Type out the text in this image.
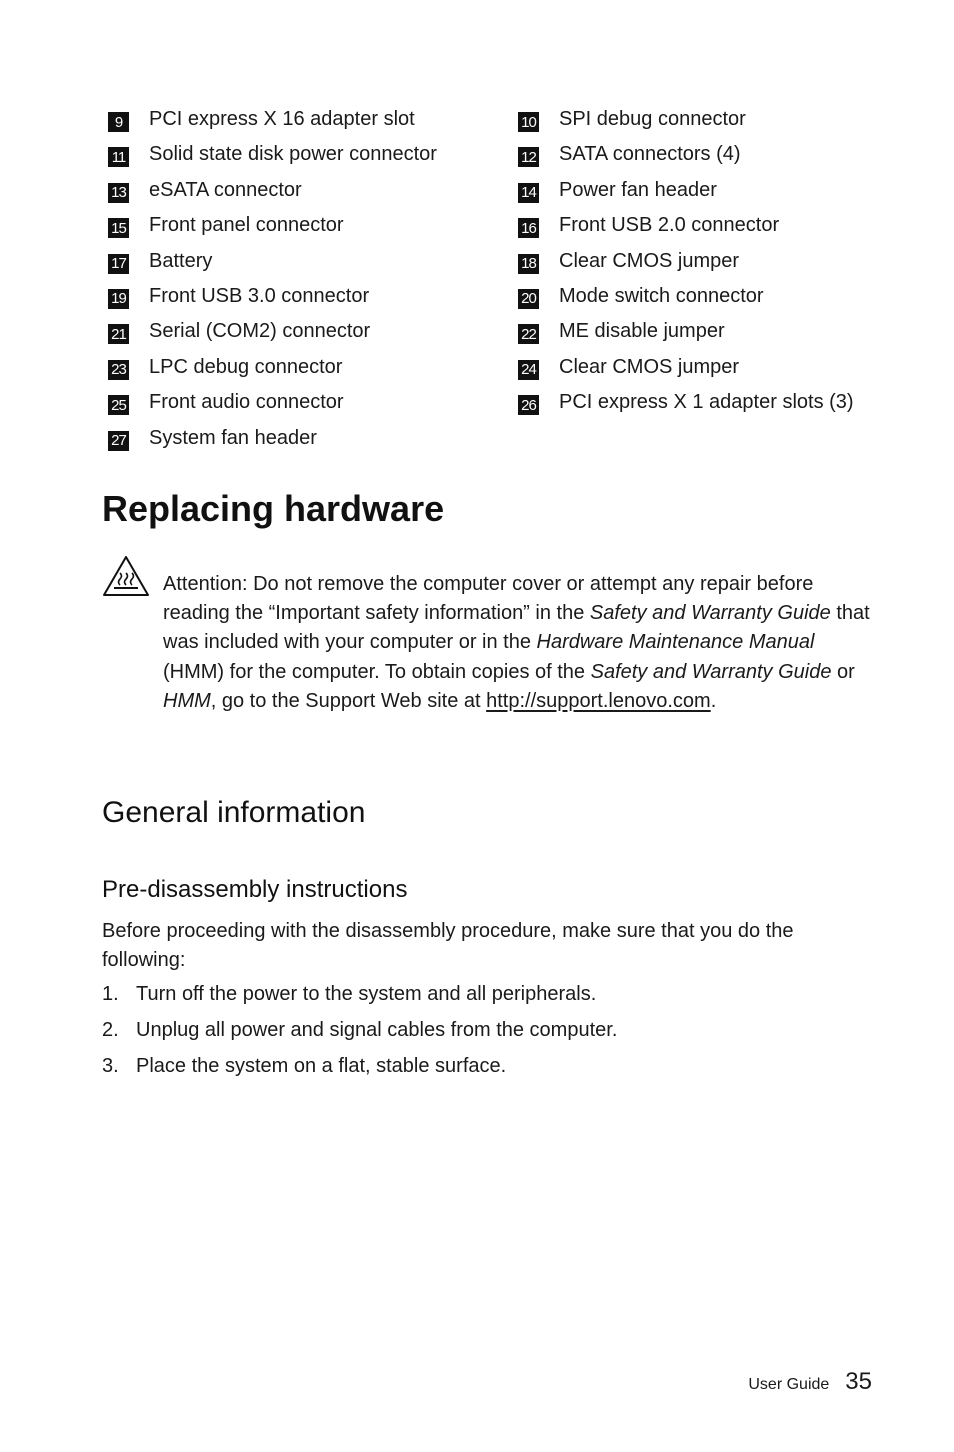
9	PCI express X 16 adapter slot
11 Solid state disk power connector
13 eSATA connector
15 Front panel connector
17 Battery
19 Front USB 3.0 connector
21 Serial (COM2) connector
23 LPC debug connector
25 Front audio connector
27 System fan header
10 SPI debug connector
12 SATA connectors (4)
14 Power fan header
16 Front USB 2.0 connector
18 Clear CMOS jumper
20 Mode switch connector
22 ME disable jumper
24 Clear CMOS jumper
26 PCI express X 1 adapter slots (3)
Replacing hardware
Attention: Do not remove the computer cover or attempt any repair before reading the “Important safety information” in the Safety and Warranty Guide that was included with your computer or in the Hardware Maintenance Manual (HMM) for the computer. To obtain copies of the Safety and Warranty Guide or HMM, go to the Support Web site at http://support.lenovo.com.
General information
Pre-disassembly instructions
Before proceeding with the disassembly procedure, make sure that you do the following:
1. Turn off the power to the system and all peripherals.
2. Unplug all power and signal cables from the computer.
3. Place the system on a flat, stable surface.
User Guide 35
